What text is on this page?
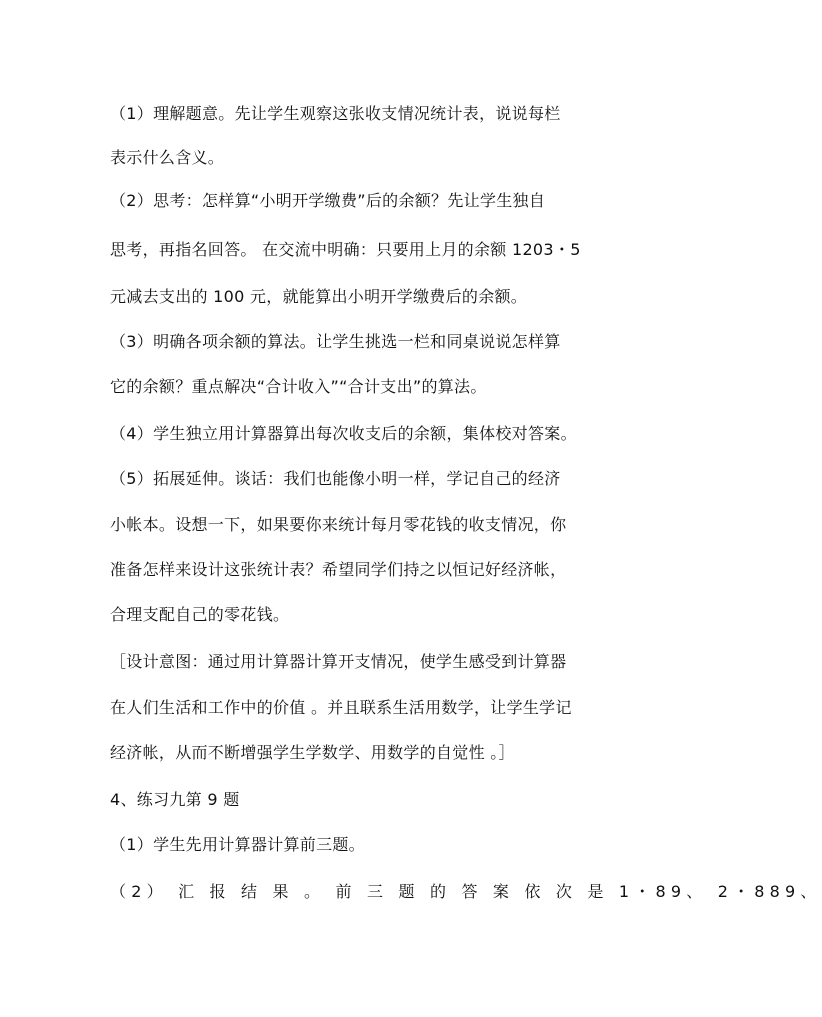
（1）理解题意。先让学生观察这张收支情况统计表，说说每栏
表示什么含义。
（2）思考：怎样算“小明开学缴费”后的余额？先让学生独自
思考，再指名回答。 在交流中明确：只要用上月的余额 1203・5
元减去支出的 100 元，就能算出小明开学缴费后的余额。
（3）明确各项余额的算法。让学生挑选一栏和同桌说说怎样算
它的余额？重点解决“合计收入”“合计支出”的算法。
（4）学生独立用计算器算出每次收支后的余额，集体校对答案。
（5）拓展延伸。谈话：我们也能像小明一样，学记自己的经济
小帐本。设想一下，如果要你来统计每月零花钱的收支情况，你
准备怎样来设计这张统计表？希望同学们持之以恒记好经济帐，
合理支配自己的零花钱。
［设计意图：通过用计算器计算开支情况，使学生感受到计算器
在人们生活和工作中的价值 。并且联系生活用数学，让学生学记
经济帐，从而不断增强学生学数学、用数学的自觉性 。］
4、练习九第 9 题
（1）学生先用计算器计算前三题。
（2） 汇 报 结 果 。 前 三 题 的 答 案 依 次 是 1・89、 2・889、
